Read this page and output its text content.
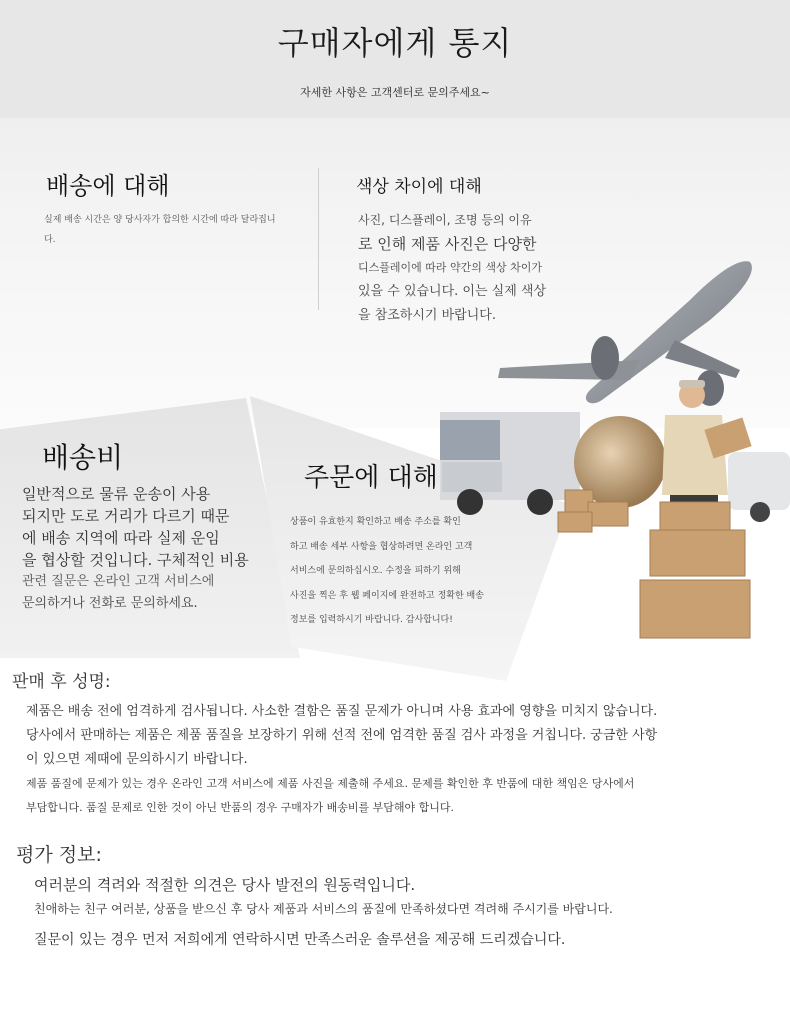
구매자에게 통지
자세한 사항은 고객센터로 문의주세요~
배송에 대해
실제 배송 시간은 양 당사자가 합의한 시간에 따라 달라집니다.
색상 차이에 대해
사진, 디스플레이, 조명 등의 이유
로 인해 제품 사진은 다양한
디스플레이에 따라 약간의 색상 차이가
있을 수 있습니다. 이는 실제 색상
을 참조하시기 바랍니다.
배송비
일반적으로 물류 운송이 사용
되지만 도로 거리가 다르기 때문
에 배송 지역에 따라 실제 운임
을 협상할 것입니다. 구체적인 비용
관련 질문은 온라인 고객 서비스에
문의하거나 전화로 문의하세요.
주문에 대해
상품이 유효한지 확인하고 배송 주소를 확인
하고 배송 세부 사항을 협상하려면 온라인 고객
서비스에 문의하십시오. 수정을 피하기 위해
사진을 찍은 후 웹 페이지에 완전하고 정확한 배송
정보를 입력하시기 바랍니다. 감사합니다!
판매 후 성명:
제품은 배송 전에 엄격하게 검사됩니다. 사소한 결함은 품질 문제가 아니며 사용 효과에 영향을 미치지 않습니다.
당사에서 판매하는 제품은 제품 품질을 보장하기 위해 선적 전에 엄격한 품질 검사 과정을 거칩니다. 궁금한 사항
이 있으면 제때에 문의하시기 바랍니다.
제품 품질에 문제가 있는 경우 온라인 고객 서비스에 제품 사진을 제출해 주세요. 문제를 확인한 후 반품에 대한 책임은 당사에서
부담합니다. 품질 문제로 인한 것이 아닌 반품의 경우 구매자가 배송비를 부담해야 합니다.
평가 정보:
여러분의 격려와 적절한 의견은 당사 발전의 원동력입니다.
친애하는 친구 여러분, 상품을 받으신 후 당사 제품과 서비스의 품질에 만족하셨다면 격려해 주시기를 바랍니다.
질문이 있는 경우 먼저 저희에게 연락하시면 만족스러운 솔루션을 제공해 드리겠습니다.
